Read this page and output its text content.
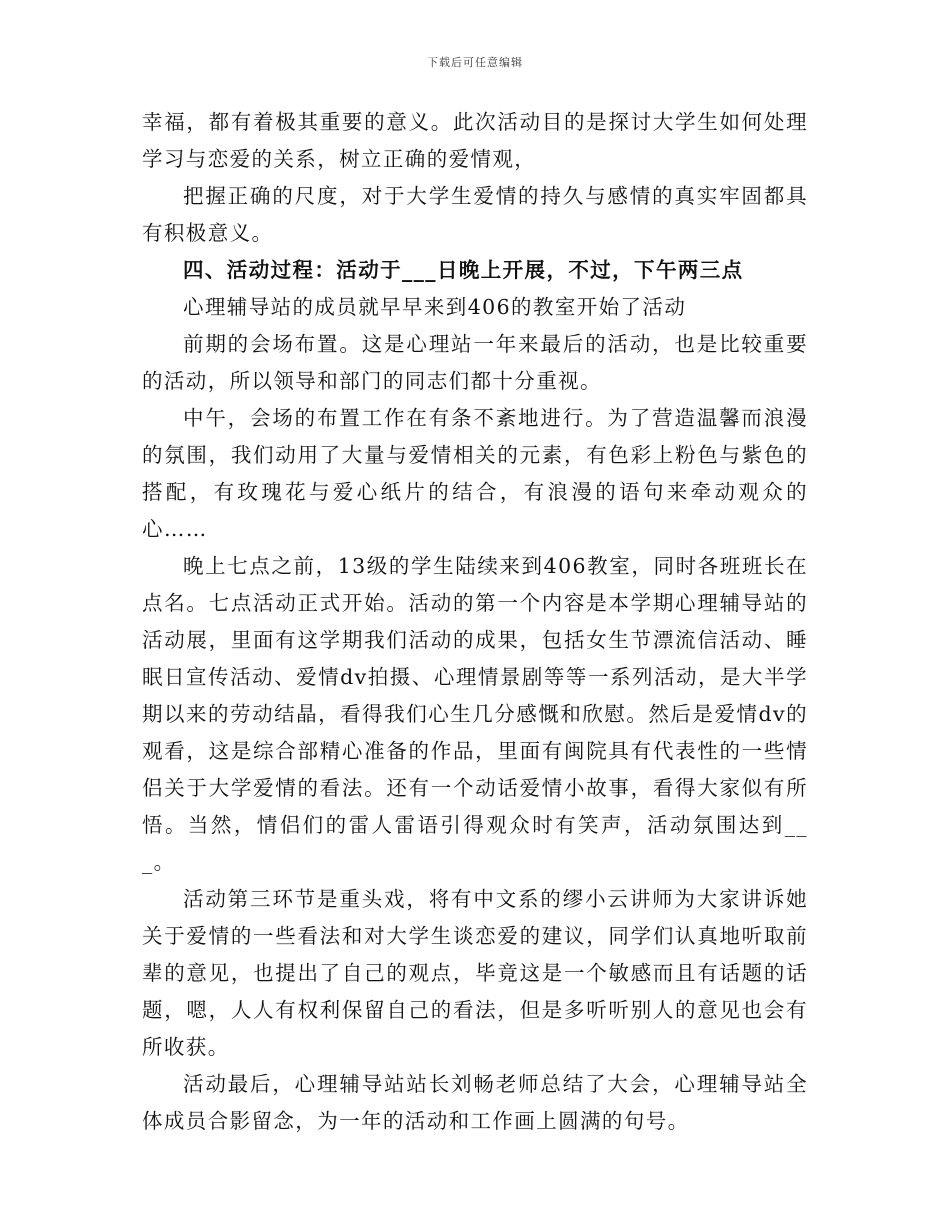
下载后可任意编辑

幸福，都有着极其重要的意义。此次活动目的是探讨大学生如何处理学习与恋爱的关系，树立正确的爱情观，

把握正确的尺度，对于大学生爱情的持久与感情的真实牢固都具有积极意义。

四、活动过程：活动于___日晚上开展，不过，下午两三点

心理辅导站的成员就早早来到406的教室开始了活动

前期的会场布置。这是心理站一年来最后的活动，也是比较重要的活动，所以领导和部门的同志们都十分重视。

中午，会场的布置工作在有条不紊地进行。为了营造温馨而浪漫的氛围，我们动用了大量与爱情相关的元素，有色彩上粉色与紫色的搭配，有玫瑰花与爱心纸片的结合，有浪漫的语句来牵动观众的心……

晚上七点之前，13级的学生陆续来到406教室，同时各班班长在点名。七点活动正式开始。活动的第一个内容是本学期心理辅导站的活动展，里面有这学期我们活动的成果，包括女生节漂流信活动、睡眠日宣传活动、爱情dv拍摄、心理情景剧等等一系列活动，是大半学期以来的劳动结晶，看得我们心生几分感慨和欣慰。然后是爱情dv的观看，这是综合部精心准备的作品，里面有闽院具有代表性的一些情侣关于大学爱情的看法。还有一个动话爱情小故事，看得大家似有所悟。当然，情侣们的雷人雷语引得观众时有笑声，活动氛围达到___。

活动第三环节是重头戏，将有中文系的缪小云讲师为大家讲诉她关于爱情的一些看法和对大学生谈恋爱的建议，同学们认真地听取前辈的意见，也提出了自己的观点，毕竟这是一个敏感而且有话题的话题，嗯，人人有权利保留自己的看法，但是多听听别人的意见也会有所收获。

活动最后，心理辅导站站长刘畅老师总结了大会，心理辅导站全体成员合影留念，为一年的活动和工作画上圆满的句号。
